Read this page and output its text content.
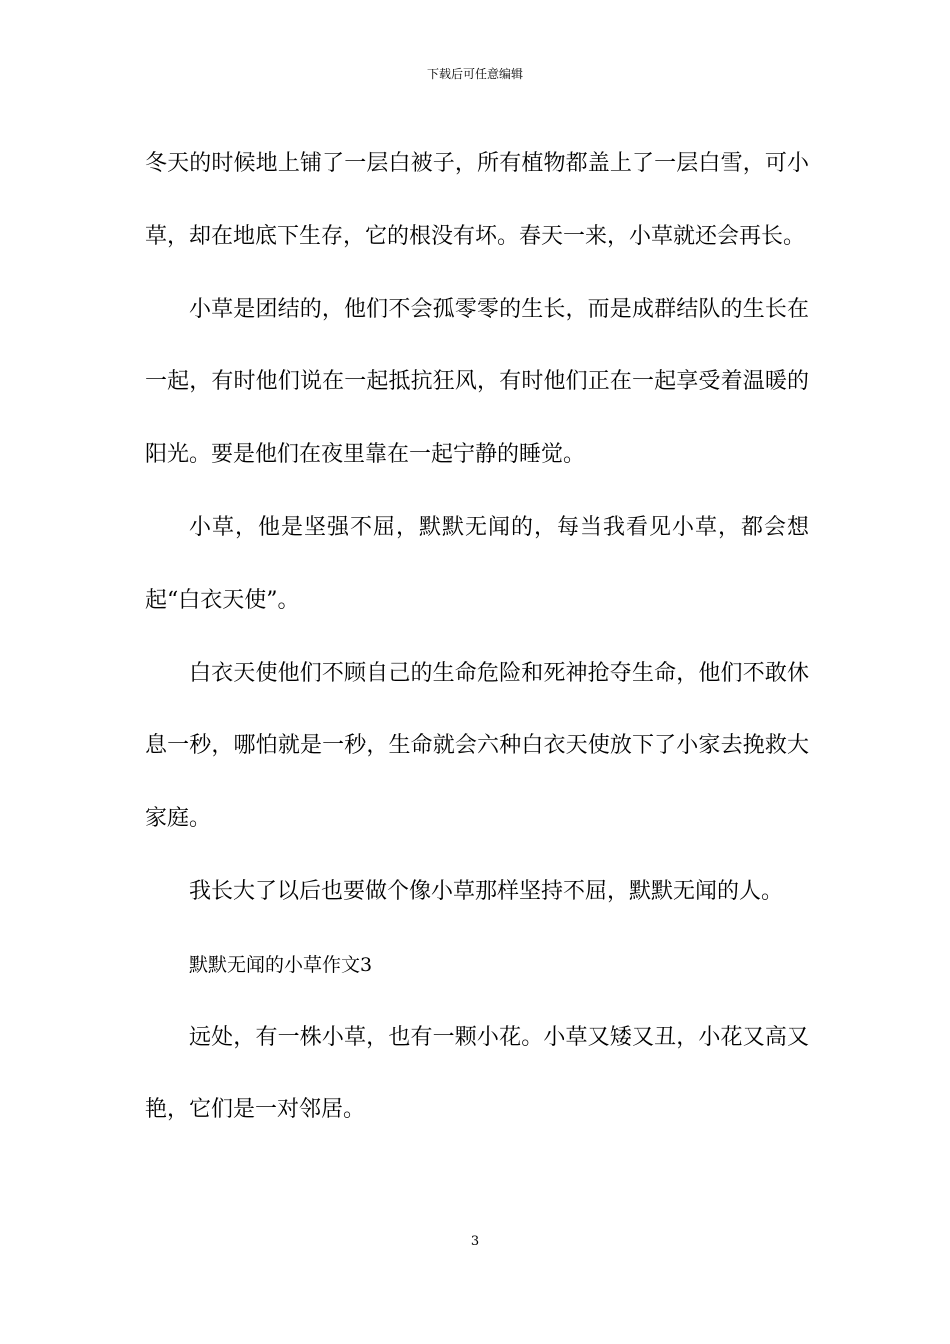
下载后可任意编辑

冬天的时候地上铺了一层白被子，所有植物都盖上了一层白雪，可小草，却在地底下生存，它的根没有坏。春天一来，小草就还会再长。

小草是团结的，他们不会孤零零的生长，而是成群结队的生长在一起，有时他们说在一起抵抗狂风，有时他们正在一起享受着温暖的阳光。要是他们在夜里靠在一起宁静的睡觉。

小草，他是坚强不屈，默默无闻的，每当我看见小草，都会想起“白衣天使”。

白衣天使他们不顾自己的生命危险和死神抢夺生命，他们不敢休息一秒，哪怕就是一秒，生命就会六种白衣天使放下了小家去挽救大家庭。

我长大了以后也要做个像小草那样坚持不屈，默默无闻的人。

默默无闻的小草作文3

远处，有一株小草，也有一颗小花。小草又矮又丑，小花又高又艳，它们是一对邻居。

3
